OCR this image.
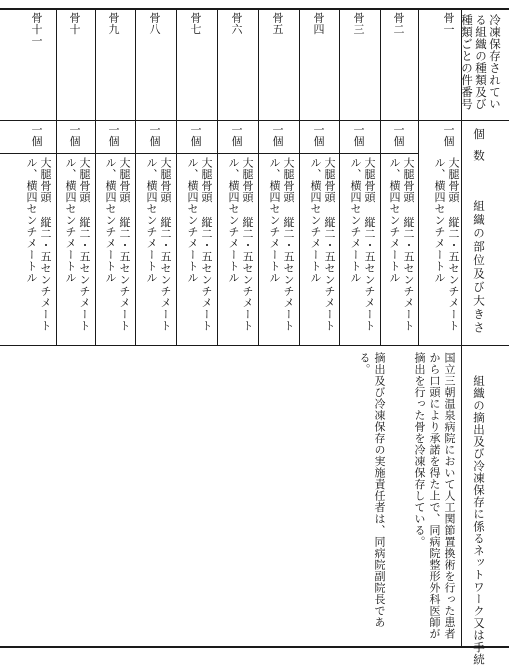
冷凍保存されている組織の種類及び種類ごとの件番号
個数
組織の部位及び大きさ
組織の摘出及び冷凍保存に係るネットワーク又は手続
骨一
一個
大腿骨頭 縦二・五センチメートル、横四センチメートル
骨二
一個
大腿骨頭 縦二・五センチメートル、横四センチメートル
骨三
一個
大腿骨頭 縦二・五センチメートル、横四センチメートル
骨四
一個
大腿骨頭 縦二・五センチメートル、横四センチメートル
骨五
一個
大腿骨頭 縦二・五センチメートル、横四センチメートル
骨六
一個
大腿骨頭 縦二・五センチメートル、横四センチメートル
骨七
一個
大腿骨頭 縦二・五センチメートル、横四センチメートル
骨八
一個
大腿骨頭 縦二・五センチメートル、横四センチメートル
骨九
一個
大腿骨頭 縦二・五センチメートル、横四センチメートル
骨十
一個
大腿骨頭 縦二・五センチメートル、横四センチメートル
骨十一
一個
大腿骨頭 縦二・五センチメートル、横四センチメートル
国立三朝温泉病院において人工関節置換術を行った患者から口頭により承諾を得た上で、同病院整形外科医師が摘出を行った骨を冷凍保存している。
摘出及び冷凍保存の実施責任者は、同病院副院長である。
